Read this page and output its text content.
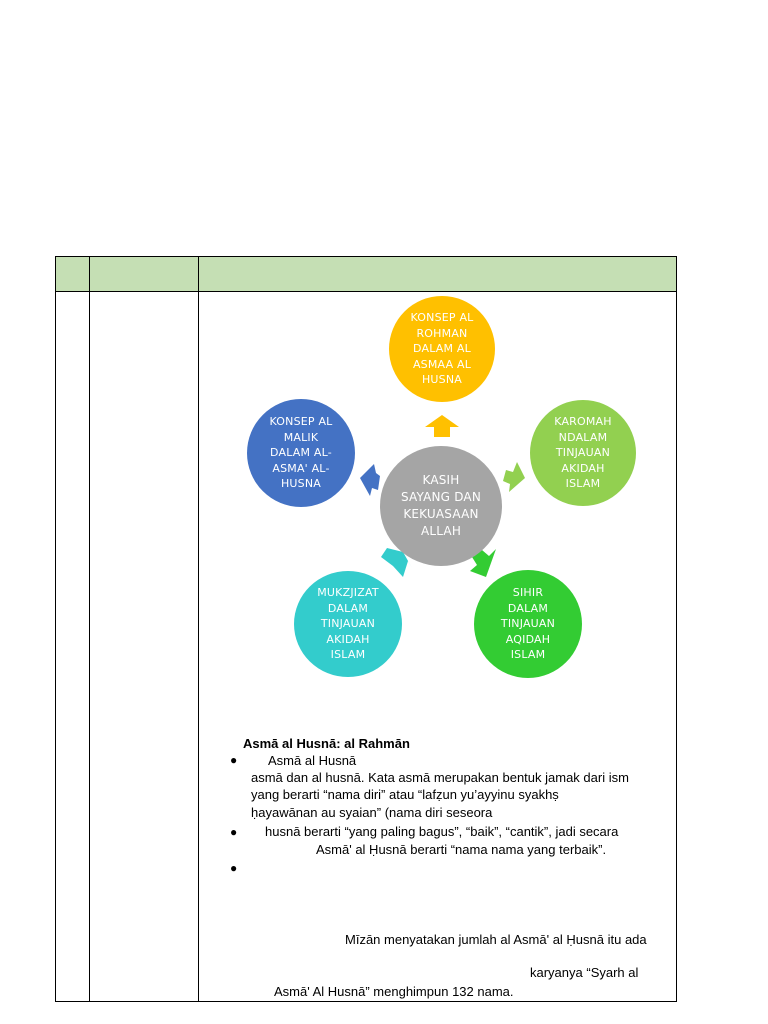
KONSEP AL
ROHMAN
DALAM AL
ASMAA AL
HUSNA
KAROMAH
NDALAM
TINJAUAN
AKIDAH
ISLAM
SIHIR
DALAM
TINJAUAN
AQIDAH
ISLAM
MUKZJIZAT
DALAM
TINJAUAN
AKIDAH
ISLAM
KONSEP AL
MALIK
DALAM AL-
ASMA' AL-
HUSNA	KASIH
SAYANG DAN
KEKUASAAN
ALLAH
Asmā al Husnā: al Rahmān
● Asmā al Husnā
asmā dan al husnā. Kata asmā merupakan bentuk jamak dari ism
yang berarti “nama diri” atau “lafẓun yu’ayyinu syakhṣ
ḥayawānan au syaian” (nama diri seseora
● husnā berarti “yang paling bagus”, “baik”, “cantik”, jadi secara
Asmā' al Ḥusnā berarti “nama nama yang terbaik”.
●
Mīzān menyatakan jumlah al Asmā' al Ḥusnā itu ada
karyanya “Syarh al
Asmā' Al Husnā” menghimpun 132 nama.
